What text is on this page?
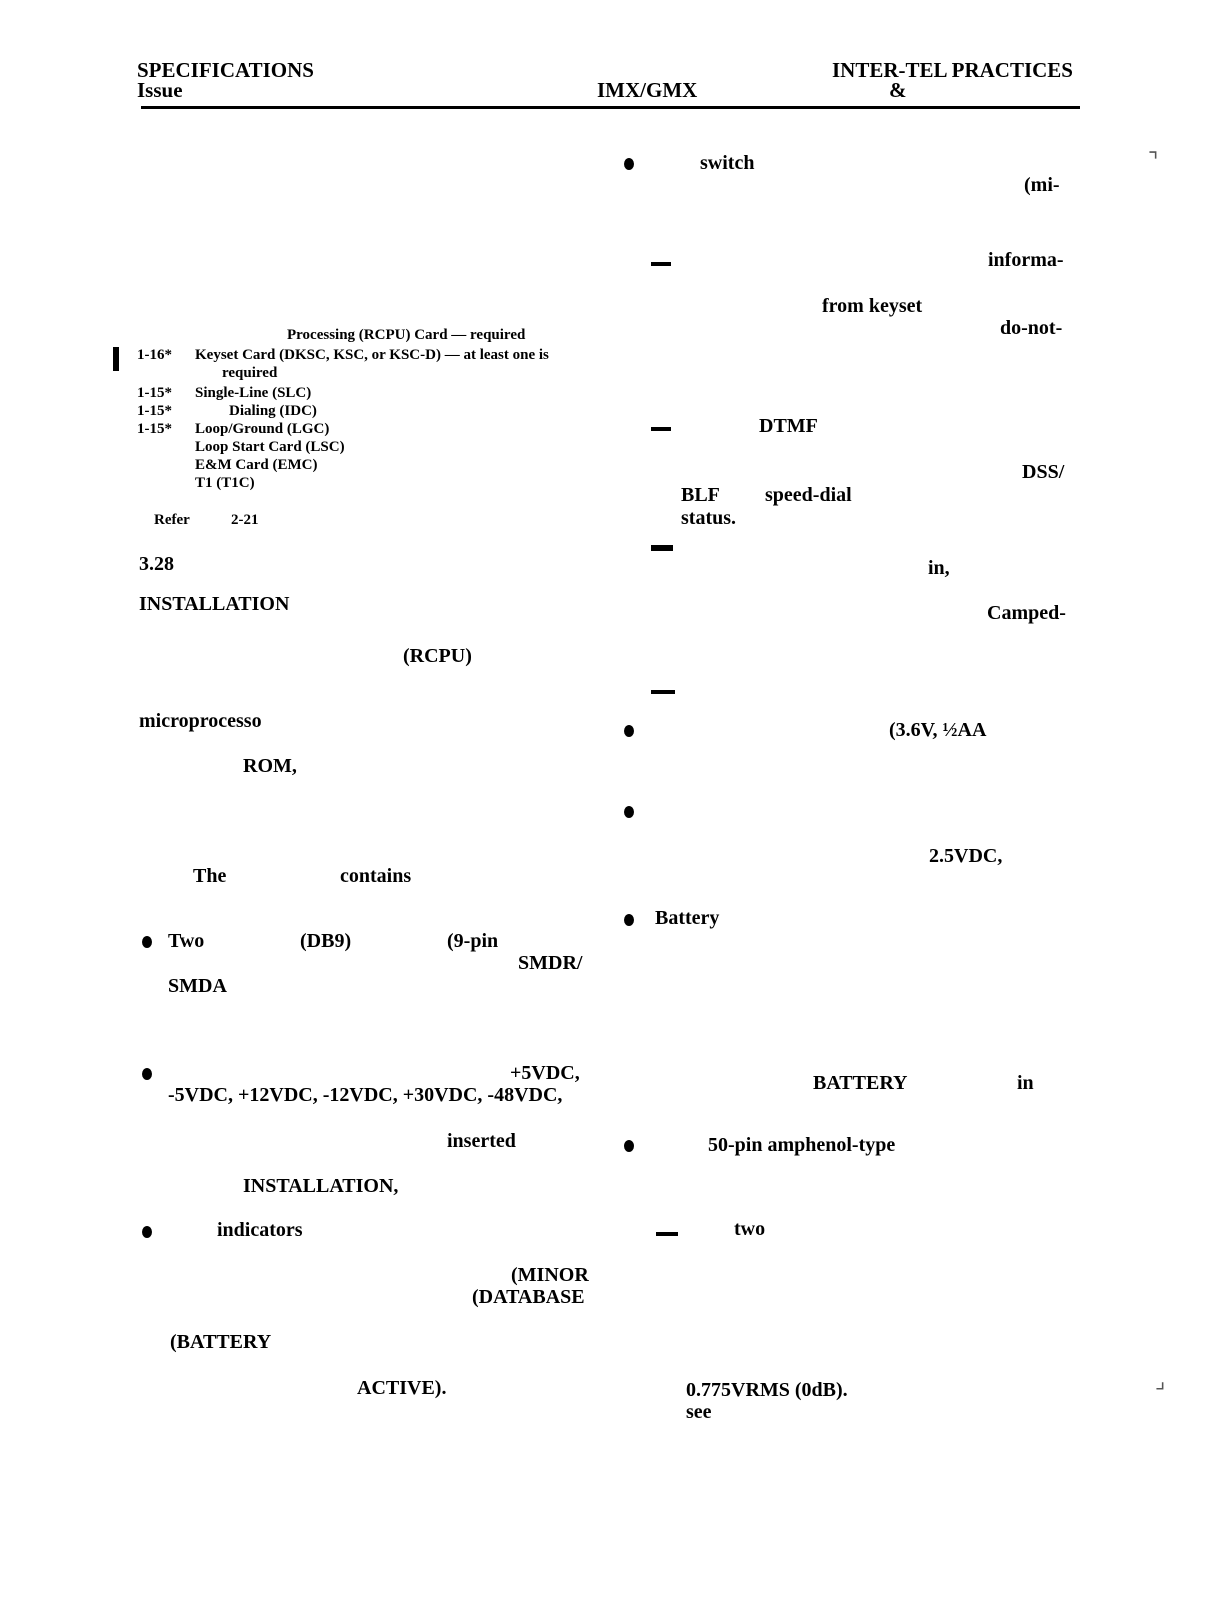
SPECIFICATIONS
Issue	IMX/GMX
INTER-TEL PRACTICES
&
Processing (RCPU) Card — required
1-16* Keyset Card (DKSC, KSC, or KSC-D) — at least one is
required
1-15* Single-Line (SLC)
1-15*	Dialing (IDC)
1-15* Loop/Ground (LGC)
Loop Start Card (LSC)
E&M Card (EMC)
T1 (T1C)
Refer	2-21
3.28
INSTALLATION
(RCPU)
microprocesso
ROM,
The	contains
Two	(DB9)	(9-pin
SMDR/
SMDA
+5VDC,
-5VDC, +12VDC, -12VDC, +30VDC, -48VDC,
inserted
INSTALLATION,
indicators
(MINOR
(DATABASE
(BATTERY
ACTIVE).
switch
(mi-
informa-
from keyset
do-not-
DTMF
DSS/
BLF speed-dial
status.
in,
Camped-
(3.6V, ½AA
2.5VDC,
Battery
BATTERY	in
50-pin amphenol-type
two
0.775VRMS (0dB).
see
⌝
⌟
